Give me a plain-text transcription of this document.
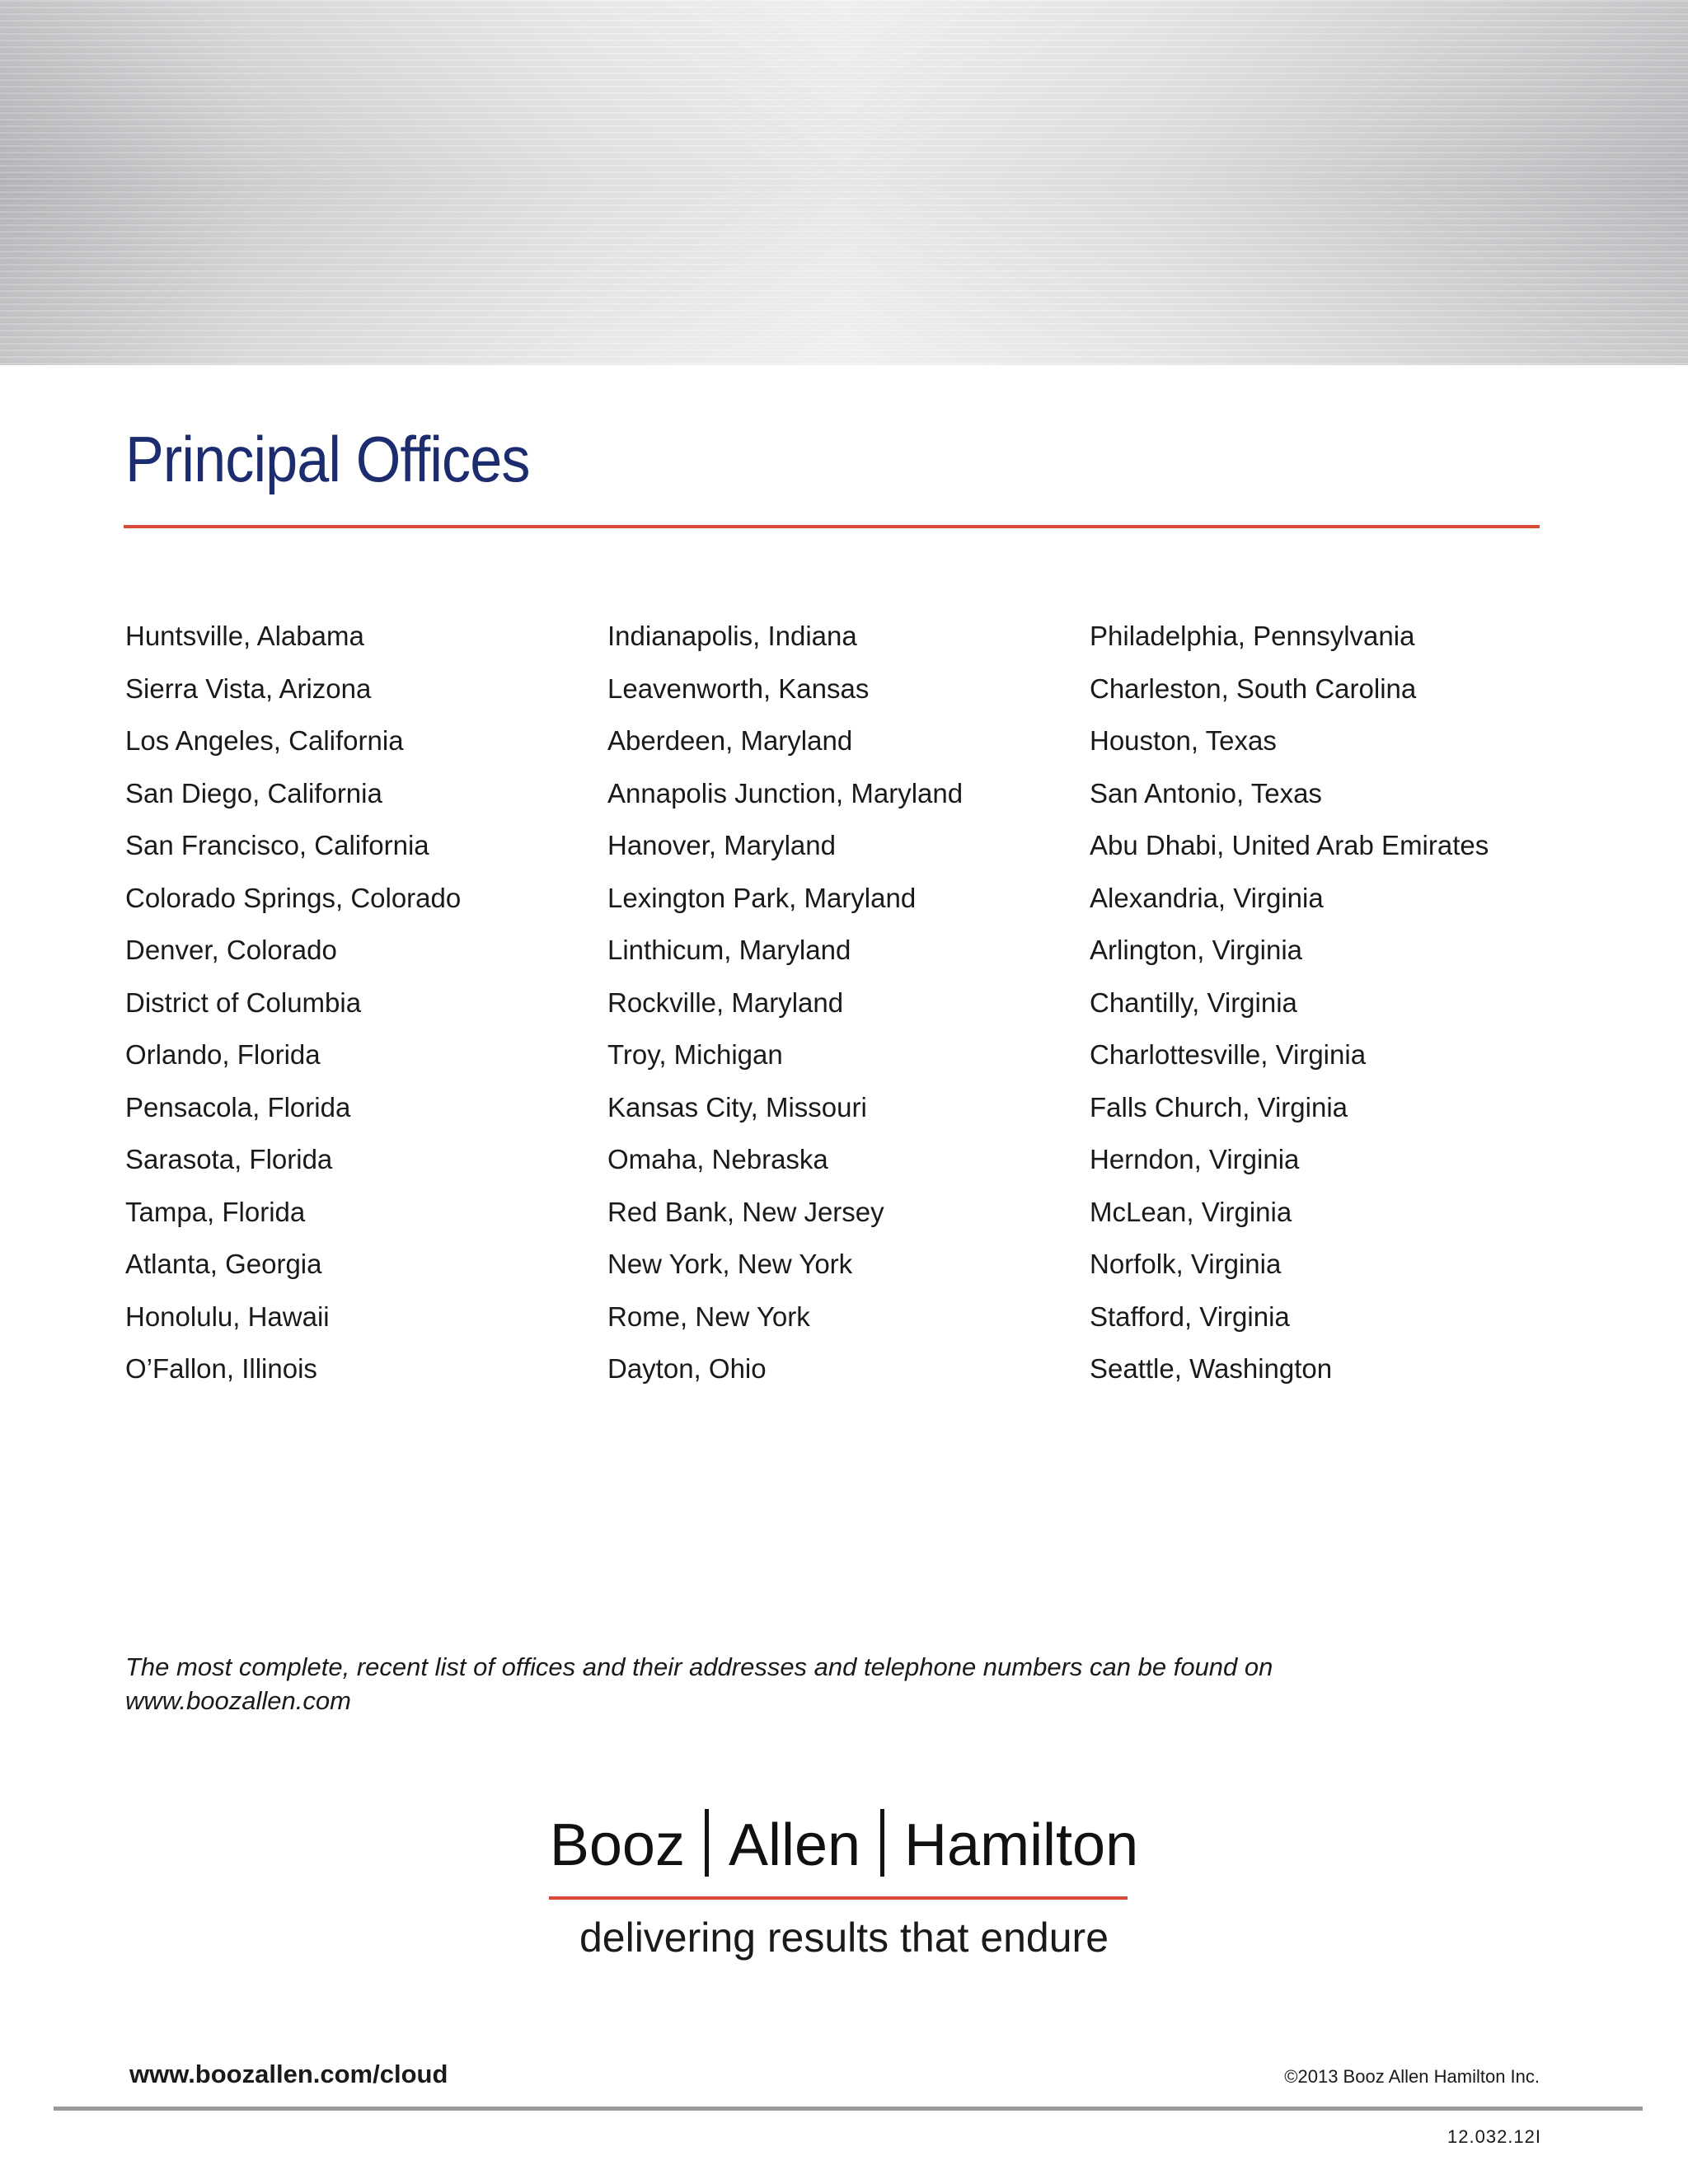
Principal Offices
Huntsville, Alabama
Sierra Vista, Arizona
Los Angeles, California
San Diego, California
San Francisco, California
Colorado Springs, Colorado
Denver, Colorado
District of Columbia
Orlando, Florida
Pensacola, Florida
Sarasota, Florida
Tampa, Florida
Atlanta, Georgia
Honolulu, Hawaii
O’Fallon, Illinois
Indianapolis, Indiana
Leavenworth, Kansas
Aberdeen, Maryland
Annapolis Junction, Maryland
Hanover, Maryland
Lexington Park, Maryland
Linthicum, Maryland
Rockville, Maryland
Troy, Michigan
Kansas City, Missouri
Omaha, Nebraska
Red Bank, New Jersey
New York, New York
Rome, New York
Dayton, Ohio
Philadelphia, Pennsylvania
Charleston, South Carolina
Houston, Texas
San Antonio, Texas
Abu Dhabi, United Arab Emirates
Alexandria, Virginia
Arlington, Virginia
Chantilly, Virginia
Charlottesville, Virginia
Falls Church, Virginia
Herndon, Virginia
McLean, Virginia
Norfolk, Virginia
Stafford, Virginia
Seattle, Washington

The most complete, recent list of offices and their addresses and telephone numbers can be found on www.boozallen.com

Booz Allen Hamilton
delivering results that endure
www.boozallen.com/cloud	©2013 Booz Allen Hamilton Inc.
12.032.12I
